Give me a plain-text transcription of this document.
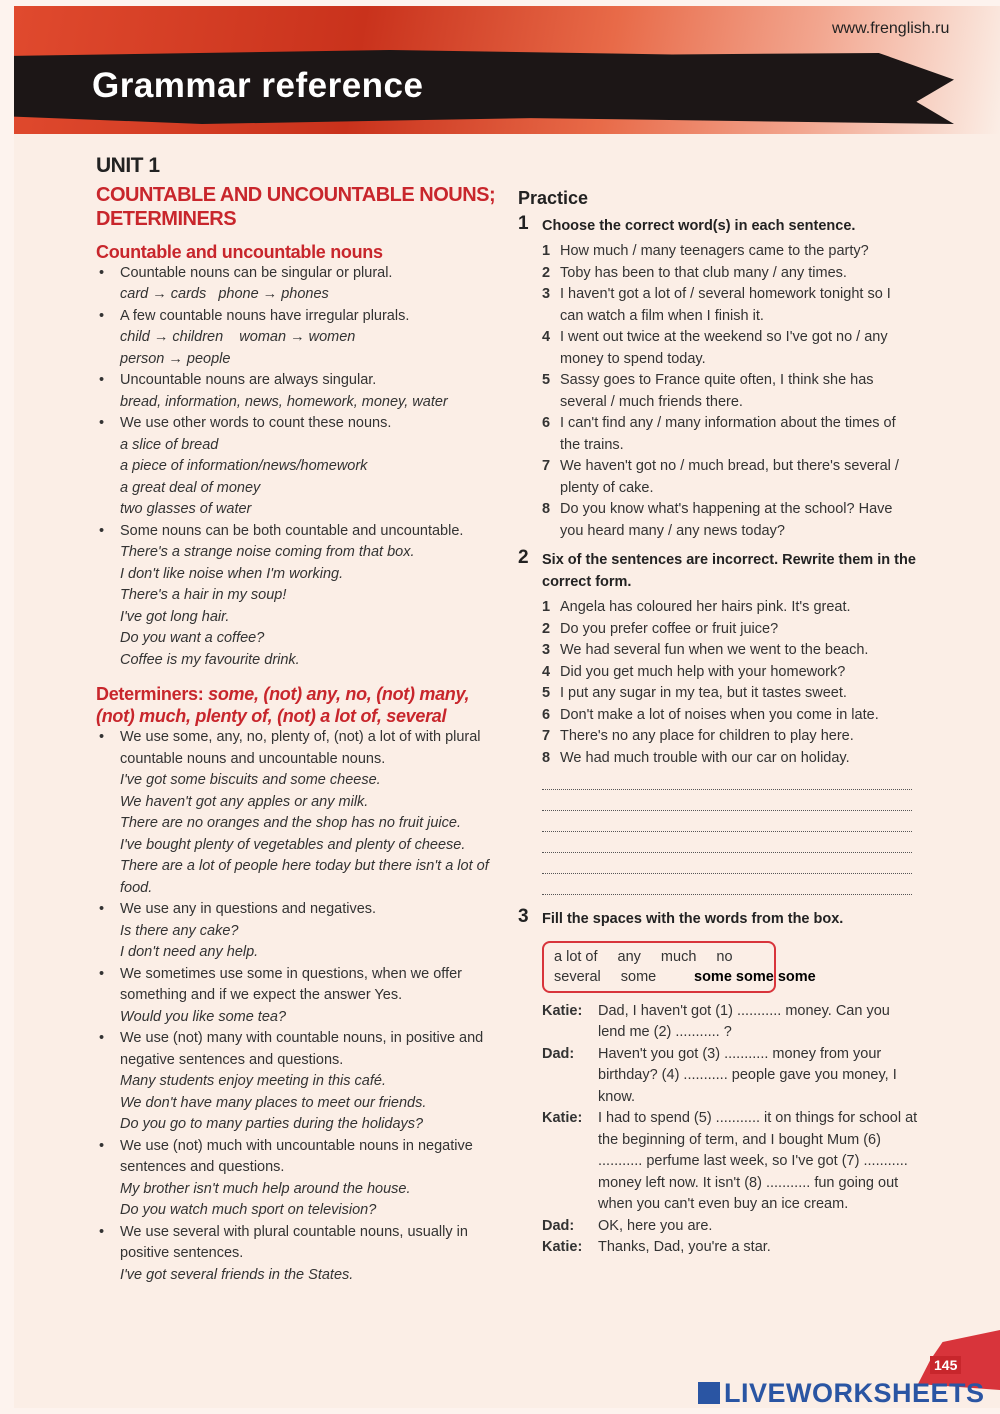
Grammar reference
www.frenglish.ru
UNIT 1
COUNTABLE AND UNCOUNTABLE NOUNS; DETERMINERS
Countable and uncountable nouns
• Countable nouns can be singular or plural.
card → cards phone → phones
• A few countable nouns have irregular plurals.
child → children woman → women
person → people
• Uncountable nouns are always singular.
bread, information, news, homework, money, water
• We use other words to count these nouns.
a slice of bread
a piece of information/news/homework
a great deal of money
two glasses of water
• Some nouns can be both countable and uncountable.
There's a strange noise coming from that box.
I don't like noise when I'm working.
There's a hair in my soup!
I've got long hair.
Do you want a coffee?
Coffee is my favourite drink.
Determiners: some, (not) any, no, (not) many, (not) much, plenty of, (not) a lot of, several
• We use some, any, no, plenty of, (not) a lot of with plural countable nouns and uncountable nouns.
I've got some biscuits and some cheese.
We haven't got any apples or any milk.
There are no oranges and the shop has no fruit juice.
I've bought plenty of vegetables and plenty of cheese.
There are a lot of people here today but there isn't a lot of food.
• We use any in questions and negatives.
Is there any cake?
I don't need any help.
• We sometimes use some in questions, when we offer something and if we expect the answer Yes.
Would you like some tea?
• We use (not) many with countable nouns, in positive and negative sentences and questions.
Many students enjoy meeting in this café.
We don't have many places to meet our friends.
Do you go to many parties during the holidays?
• We use (not) much with uncountable nouns in negative sentences and questions.
My brother isn't much help around the house.
Do you watch much sport on television?
• We use several with plural countable nouns, usually in positive sentences.
I've got several friends in the States.
Practice
1 Choose the correct word(s) in each sentence.
1 How much / many teenagers came to the party?
2 Toby has been to that club many / any times.
3 I haven't got a lot of / several homework tonight so I can watch a film when I finish it.
4 I went out twice at the weekend so I've got no / any money to spend today.
5 Sassy goes to France quite often, I think she has several / much friends there.
6 I can't find any / many information about the times of the trains.
7 We haven't got no / much bread, but there's several / plenty of cake.
8 Do you know what's happening at the school? Have you heard many / any news today?
2 Six of the sentences are incorrect. Rewrite them in the correct form.
1 Angela has coloured her hairs pink. It's great.
2 Do you prefer coffee or fruit juice?
3 We had several fun when we went to the beach.
4 Did you get much help with your homework?
5 I put any sugar in my tea, but it tastes sweet.
6 Don't make a lot of noises when you come in late.
7 There's no any place for children to play here.
8 We had much trouble with our car on holiday.
3 Fill the spaces with the words from the box.
a lot of any much no
several some	some some some
Katie:	Dad, I haven't got (1) ........... money. Can you lend me (2) ........... ?
Dad:	Haven't you got (3) ........... money from your birthday? (4) ........... people gave you money, I know.
Katie:	I had to spend (5) ........... it on things for school at the beginning of term, and I bought Mum (6) ........... perfume last week, so I've got (7) ........... money left now. It isn't (8) ........... fun going out when you can't even buy an ice cream.
Dad:	OK, here you are.
Katie:	Thanks, Dad, you're a star.
145
LIVEWORKSHEETS
